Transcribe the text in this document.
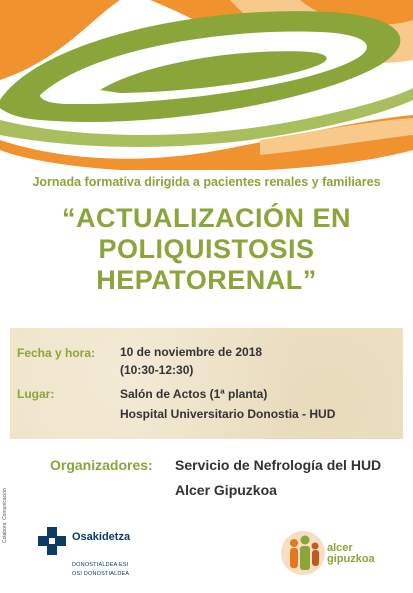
Jornada formativa dirigida a pacientes renales y familiares
“ACTUALIZACIÓN EN
POLIQUISTOSIS
HEPATORENAL”
Fecha y hora: 10 de noviembre de 2018
(10:30-12:30)
Lugar:	Salón de Actos (1ª planta)
Hospital Universitario Donostia - HUD
Organizadores: Servicio de Nefrología del HUD
Alcer Gipuzkoa
Colabora: Comunicación	Osakidetza
DONOSTIALDEA ESI
OSI DONOSTIALDEA
alcer
gipuzkoa
